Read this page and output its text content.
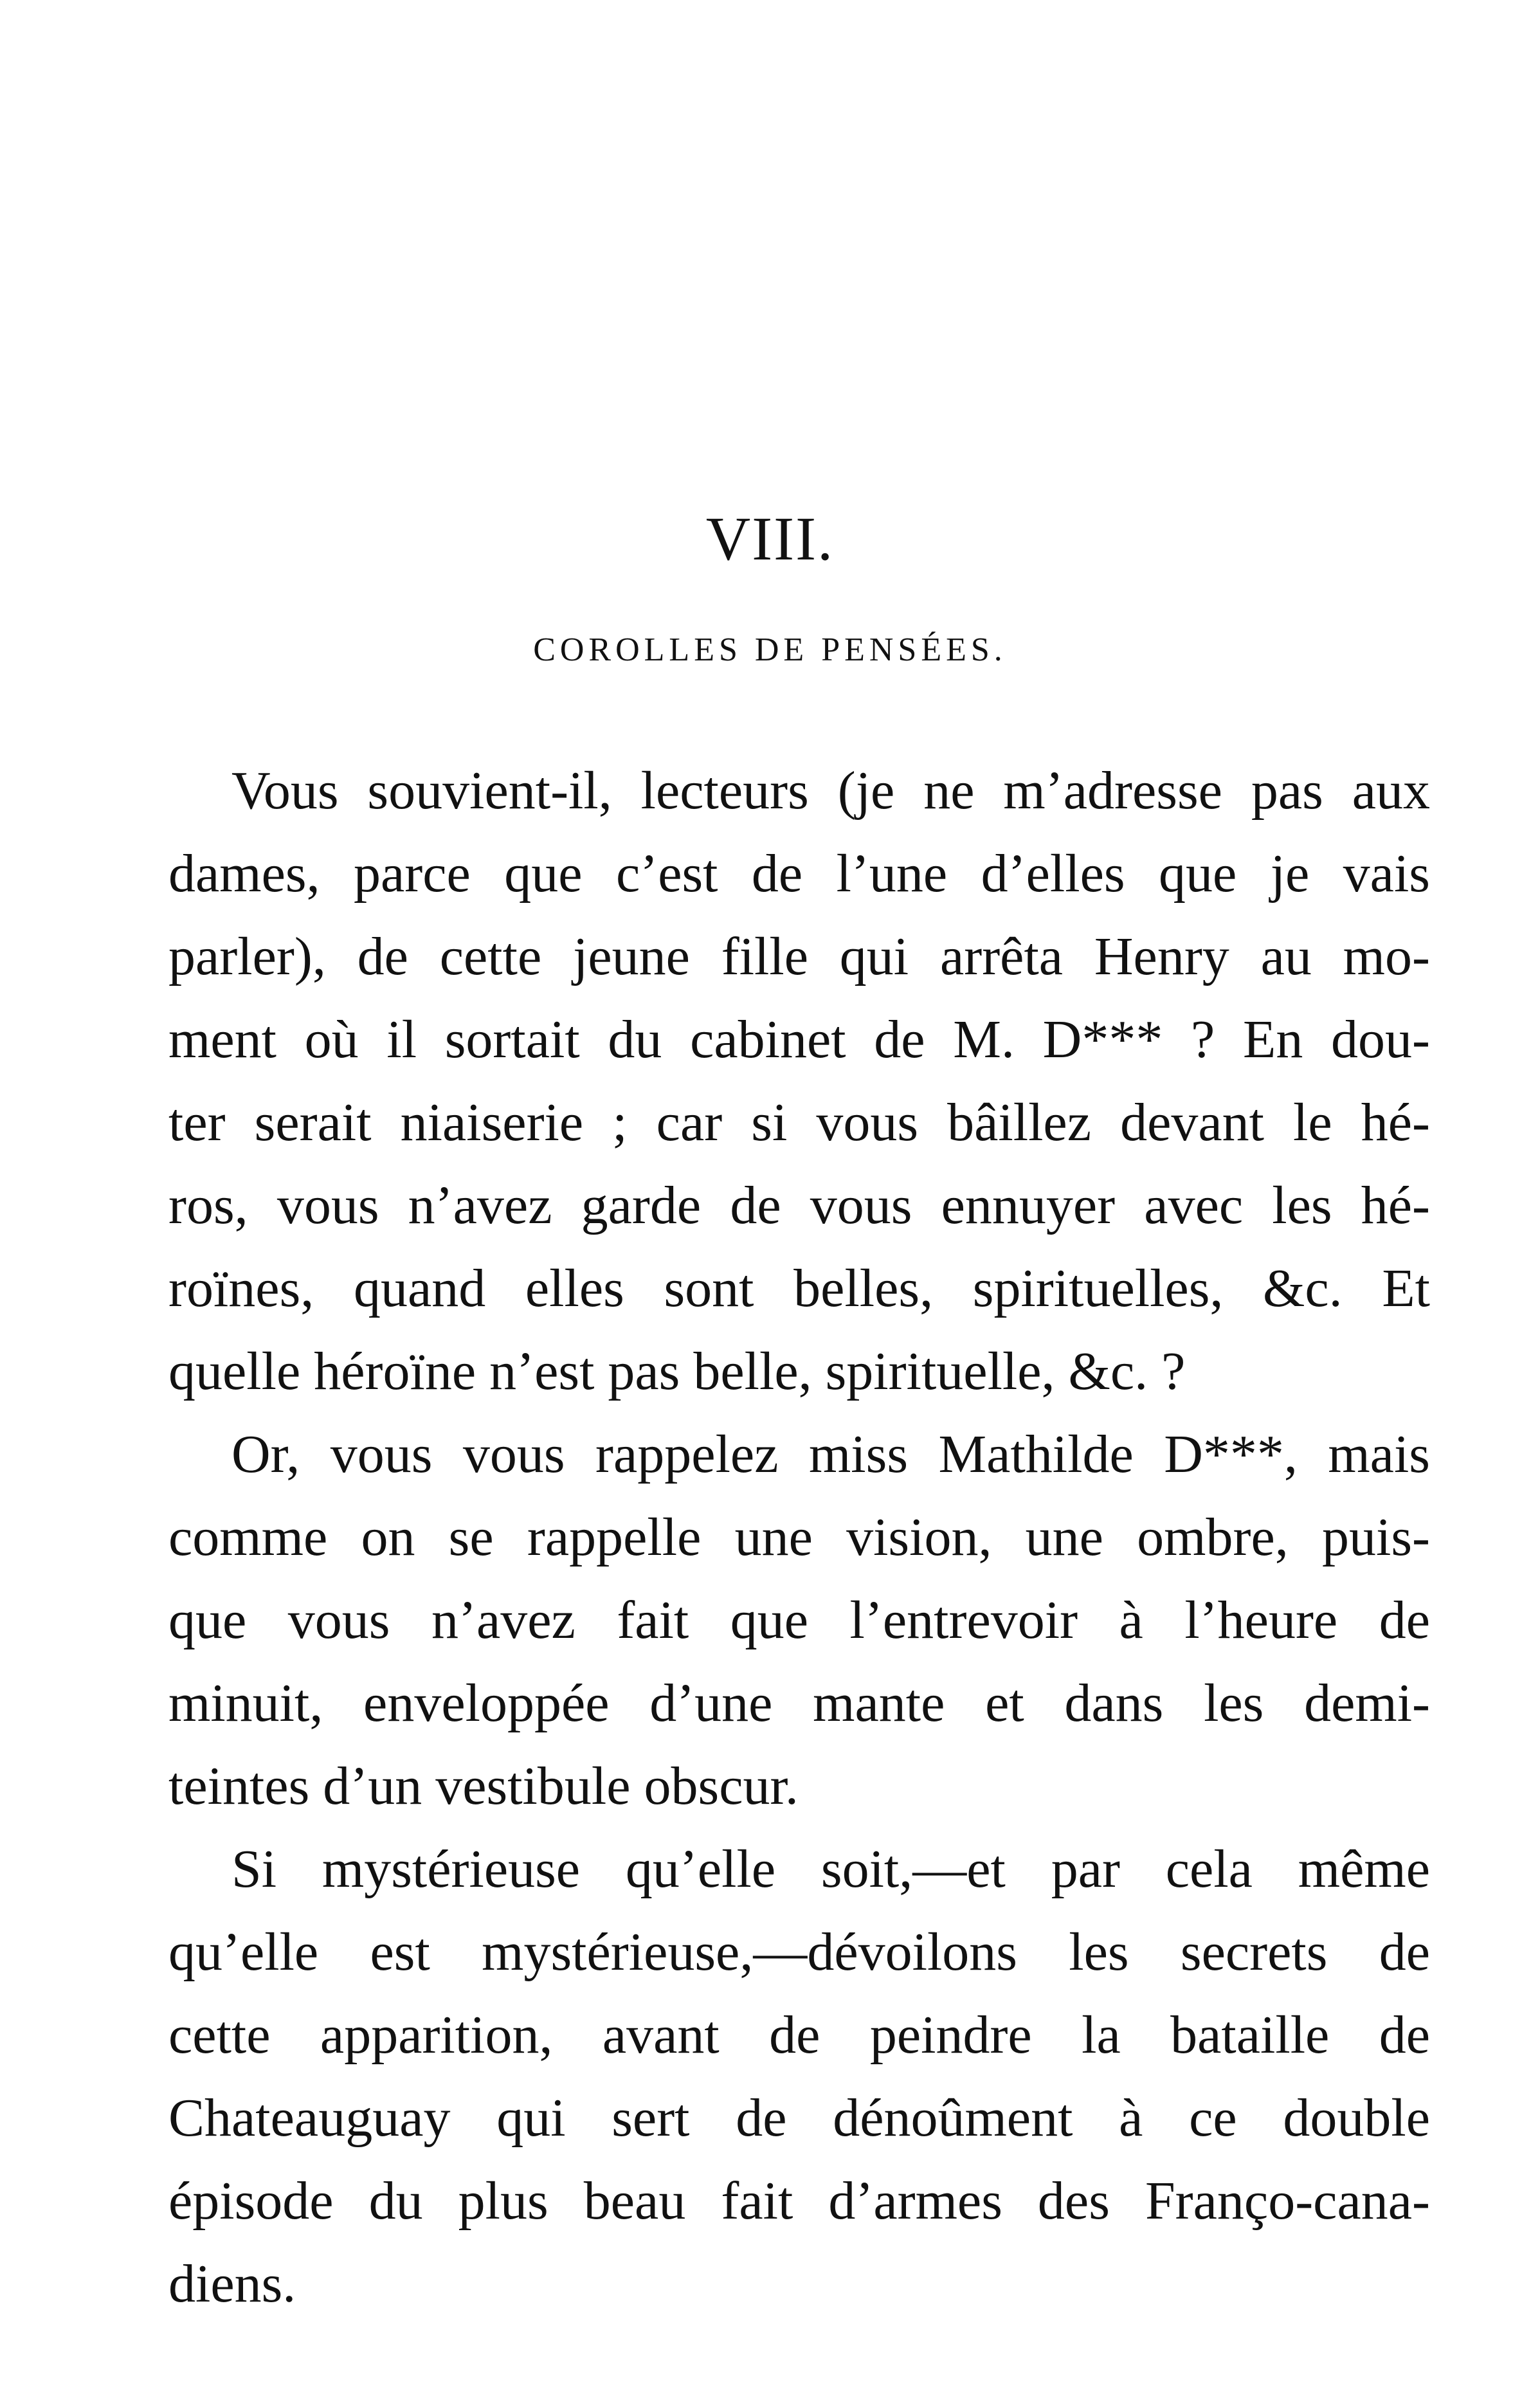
VIII.
COROLLES DE PENSÉES.
Vous souvient-il, lecteurs (je ne m’adresse pas aux
dames, parce que c’est de l’une d’elles que je vais
parler), de cette jeune fille qui arrêta Henry au mo-
ment où il sortait du cabinet de M. D*** ? En dou-
ter serait niaiserie ; car si vous bâillez devant le hé-
ros, vous n’avez garde de vous ennuyer avec les hé-
roïnes, quand elles sont belles, spirituelles, &c. Et
quelle héroïne n’est pas belle, spirituelle, &c. ?
Or, vous vous rappelez miss Mathilde D***, mais
comme on se rappelle une vision, une ombre, puis-
que vous n’avez fait que l’entrevoir à l’heure de
minuit, enveloppée d’une mante et dans les demi-
teintes d’un vestibule obscur.
Si mystérieuse qu’elle soit,—et par cela même
qu’elle est mystérieuse,—dévoilons les secrets de
cette apparition, avant de peindre la bataille de
Chateauguay qui sert de dénoûment à ce double
épisode du plus beau fait d’armes des Franço-cana-
diens.
